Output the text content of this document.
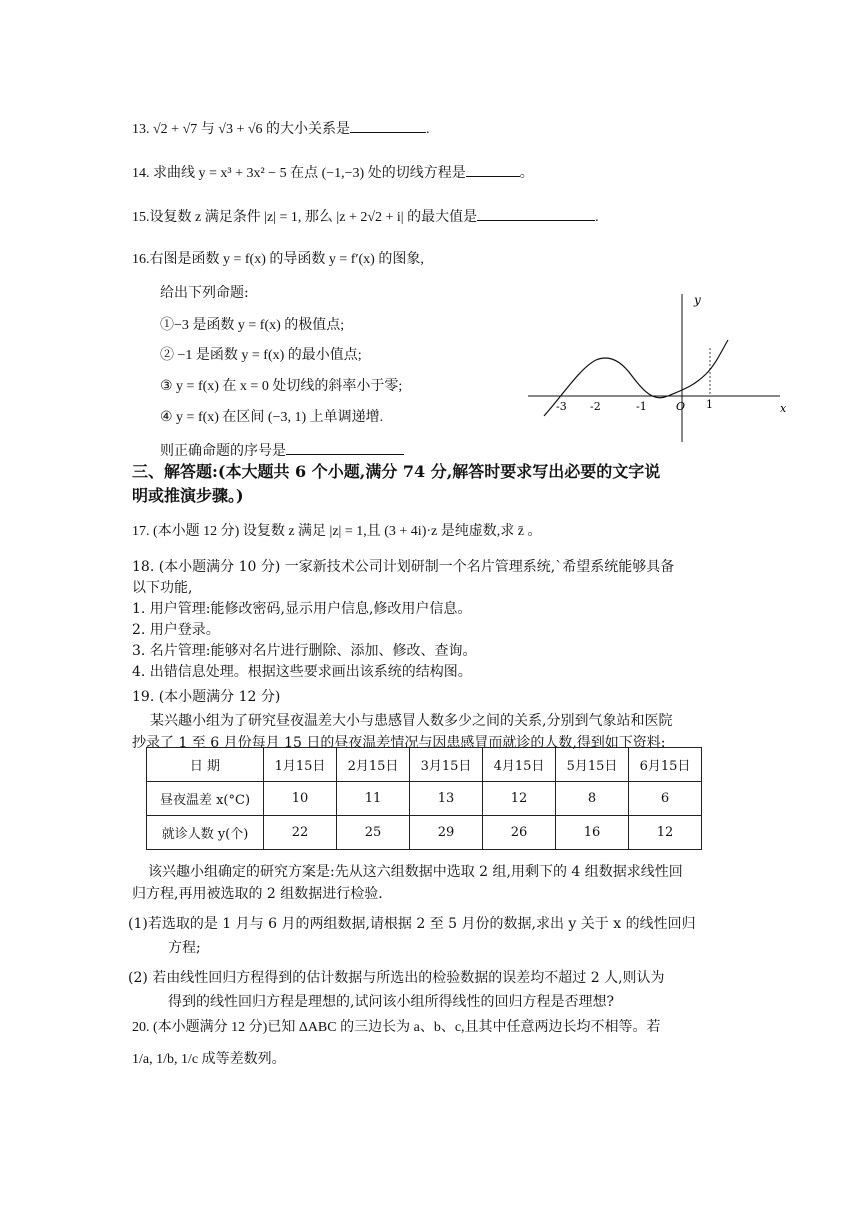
13. √2 + √7 与 √3 + √6 的大小关系是	.
14. 求曲线 y = x³ + 3x² − 5 在点 (−1,−3) 处的切线方程是	。
15.设复数 z 满足条件 |z| = 1, 那么 |z + 2√2 + i| 的最大值是	.
16.右图是函数 y = f(x) 的导函数 y = f′(x) 的图象,
给出下列命题:
①−3 是函数 y = f(x) 的极值点;
② −1 是函数 y = f(x) 的最小值点;
③ y = f(x) 在 x = 0 处切线的斜率小于零;
④ y = f(x) 在区间 (−3, 1) 上单调递增.
则正确命题的序号是
y
x
-3 -2	-1	O 1
三、解答题:(本大题共 6 个小题,满分 74 分,解答时要求写出必要的文字说
明或推演步骤。)
17. (本小题 12 分) 设复数 z 满足 |z| = 1,且 (3 + 4i)·z 是纯虚数,求 z̄ 。
18. (本小题满分 10 分) 一家新技术公司计划研制一个名片管理系统,`希望系统能够具备
以下功能,
1. 用户管理:能修改密码,显示用户信息,修改用户信息。
2. 用户登录。
3. 名片管理:能够对名片进行删除、添加、修改、查询。
4. 出错信息处理。根据这些要求画出该系统的结构图。
19. (本小题满分 12 分)
某兴趣小组为了研究昼夜温差大小与患感冒人数多少之间的关系,分别到气象站和医院
抄录了 1 至 6 月份每月 15 日的昼夜温差情况与因患感冒而就诊的人数,得到如下资料:
日 期	1月15日	2月15日	3月15日	4月15日	5月15日	6月15日
昼夜温差 x(°C)	10	11	13	12	8	6
就诊人数 y(个)	22	25	29	26	16	12
该兴趣小组确定的研究方案是:先从这六组数据中选取 2 组,用剩下的 4 组数据求线性回
归方程,再用被选取的 2 组数据进行检验.
(1)若选取的是 1 月与 6 月的两组数据,请根据 2 至 5 月份的数据,求出 y 关于 x 的线性回归
方程;
(2) 若由线性回归方程得到的估计数据与所选出的检验数据的误差均不超过 2 人,则认为
得到的线性回归方程是理想的,试问该小组所得线性的回归方程是否理想?
20. (本小题满分 12 分)已知 ΔABC 的三边长为 a、b、c,且其中任意两边长均不相等。若
1/a, 1/b, 1/c 成等差数列。
